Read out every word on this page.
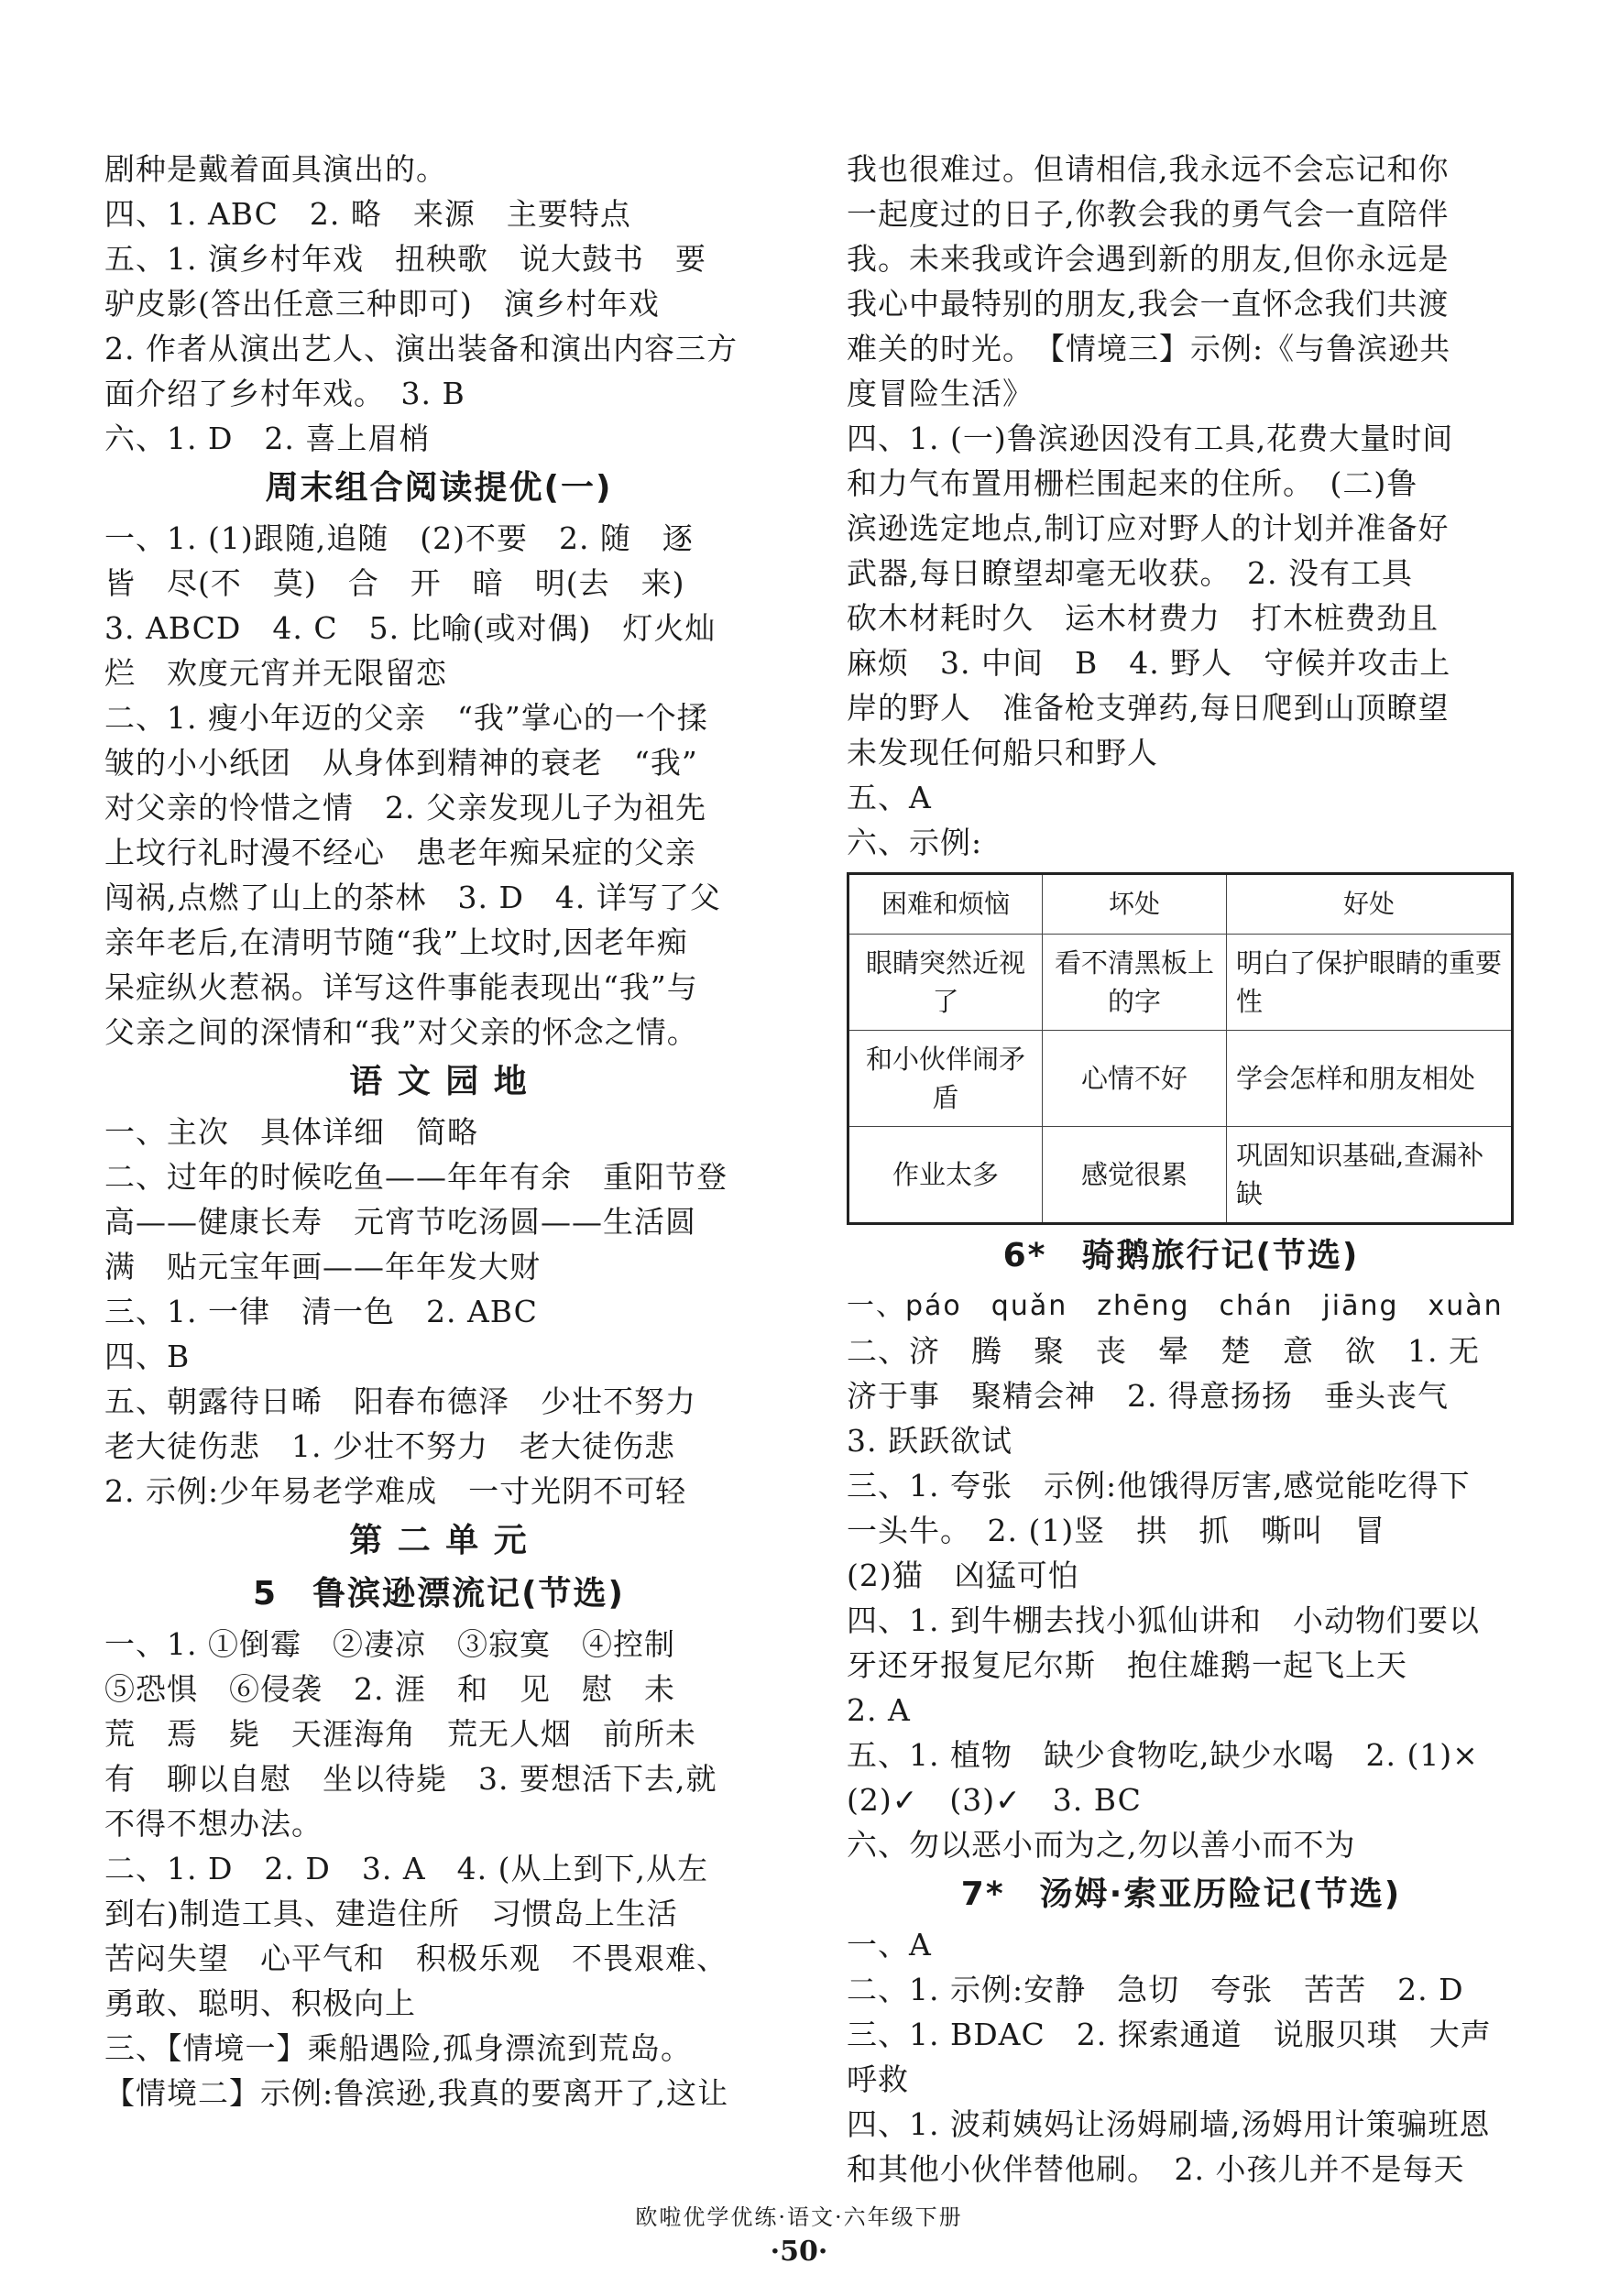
剧种是戴着面具演出的。
四、1. ABC　2. 略　来源　主要特点
五、1. 演乡村年戏　扭秧歌　说大鼓书　要
驴皮影(答出任意三种即可)　演乡村年戏
2. 作者从演出艺人、演出装备和演出内容三方
面介绍了乡村年戏。　3. B
六、1. D　2. 喜上眉梢
周末组合阅读提优(一)
一、1. (1)跟随,追随　(2)不要　2. 随　逐
皆　尽(不　莫)　合　开　暗　明(去　来)
3. ABCD　4. C　5. 比喻(或对偶)　灯火灿
烂　欢度元宵并无限留恋
二、1. 瘦小年迈的父亲　“我”掌心的一个揉
皱的小小纸团　从身体到精神的衰老　“我”
对父亲的怜惜之情　2. 父亲发现儿子为祖先
上坟行礼时漫不经心　患老年痴呆症的父亲
闯祸,点燃了山上的茶林　3. D　4. 详写了父
亲年老后,在清明节随“我”上坟时,因老年痴
呆症纵火惹祸。详写这件事能表现出“我”与
父亲之间的深情和“我”对父亲的怀念之情。
语 文 园 地
一、主次　具体详细　简略
二、过年的时候吃鱼——年年有余　重阳节登
高——健康长寿　元宵节吃汤圆——生活圆
满　贴元宝年画——年年发大财
三、1. 一律　清一色　2. ABC
四、B
五、朝露待日晞　阳春布德泽　少壮不努力
老大徒伤悲　1. 少壮不努力　老大徒伤悲
2. 示例:少年易老学难成　一寸光阴不可轻
第 二 单 元
5　鲁滨逊漂流记(节选)
一、1. ①倒霉　②凄凉　③寂寞　④控制
⑤恐惧　⑥侵袭　2. 涯　和　见　慰　未
荒　焉　毙　天涯海角　荒无人烟　前所未
有　聊以自慰　坐以待毙　3. 要想活下去,就
不得不想办法。
二、1. D　2. D　3. A　4. (从上到下,从左
到右)制造工具、建造住所　习惯岛上生活
苦闷失望　心平气和　积极乐观　不畏艰难、
勇敢、聪明、积极向上
三、【情境一】乘船遇险,孤身漂流到荒岛。
【情境二】示例:鲁滨逊,我真的要离开了,这让
我也很难过。但请相信,我永远不会忘记和你
一起度过的日子,你教会我的勇气会一直陪伴
我。未来我或许会遇到新的朋友,但你永远是
我心中最特别的朋友,我会一直怀念我们共渡
难关的时光。　【情境三】示例:《与鲁滨逊共
度冒险生活》
四、1. (一)鲁滨逊因没有工具,花费大量时间
和力气布置用栅栏围起来的住所。　(二)鲁
滨逊选定地点,制订应对野人的计划并准备好
武器,每日瞭望却毫无收获。　2. 没有工具
砍木材耗时久　运木材费力　打木桩费劲且
麻烦　3. 中间　B　4. 野人　守候并攻击上
岸的野人　准备枪支弹药,每日爬到山顶瞭望
未发现任何船只和野人
五、A
六、示例:
困难和烦恼	坏处	好处
眼睛突然近视了	看不清黑板上的字	明白了保护眼睛的重要性
和小伙伴闹矛盾	心情不好	学会怎样和朋友相处
作业太多	感觉很累	巩固知识基础,查漏补缺
6*　骑鹅旅行记(节选)
一、páo　quǎn　zhēng　chán　jiāng　xuàn
二、济　腾　聚　丧　晕　楚　意　欲　1. 无
济于事　聚精会神　2. 得意扬扬　垂头丧气
3. 跃跃欲试
三、1. 夸张　示例:他饿得厉害,感觉能吃得下
一头牛。　2. (1)竖　拱　抓　嘶叫　冒
(2)猫　凶猛可怕
四、1. 到牛棚去找小狐仙讲和　小动物们要以
牙还牙报复尼尔斯　抱住雄鹅一起飞上天
2. A
五、1. 植物　缺少食物吃,缺少水喝　2. (1)×
(2)✓　(3)✓　3. BC
六、勿以恶小而为之,勿以善小而不为
7*　汤姆·索亚历险记(节选)
一、A
二、1. 示例:安静　急切　夸张　苦苦　2. D
三、1. BDAC　2. 探索通道　说服贝琪　大声
呼救
四、1. 波莉姨妈让汤姆刷墙,汤姆用计策骗班恩
和其他小伙伴替他刷。　2. 小孩儿并不是每天
欧啦优学优练·语文·六年级下册
·50·
